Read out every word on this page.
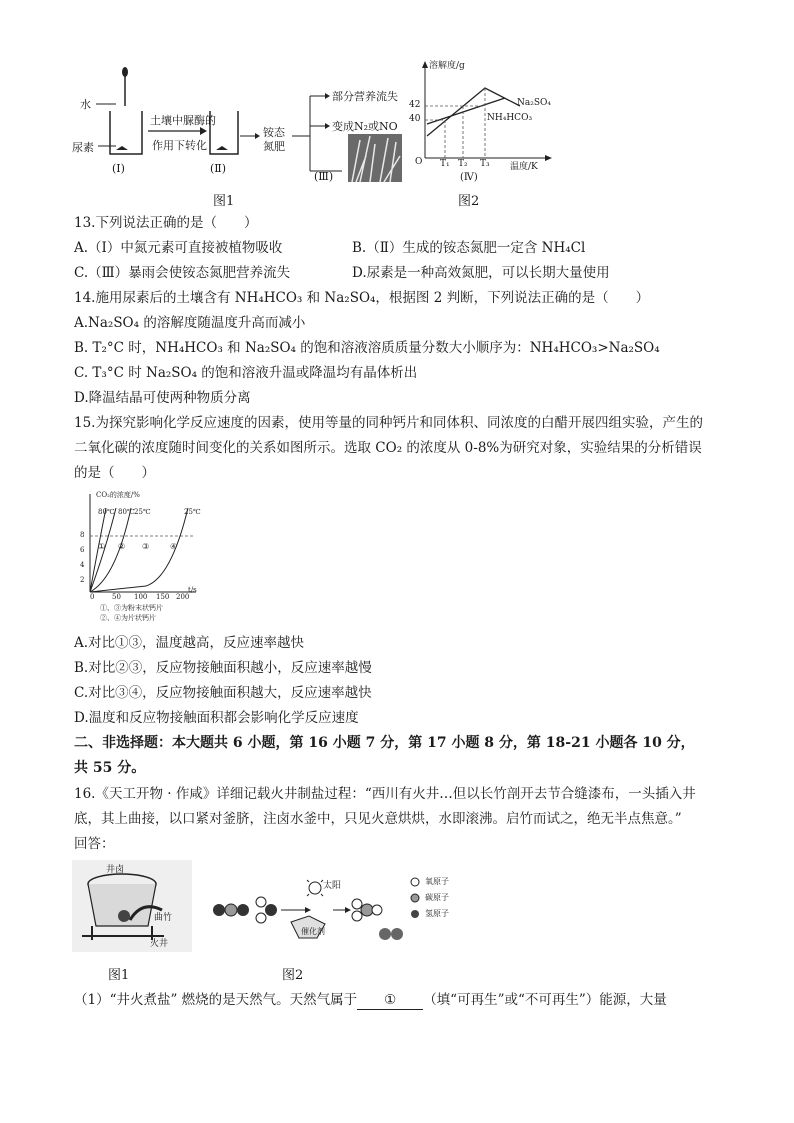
水
尿素
土壤中脲酶的
作用下转化
铵态
氮肥
部分营养流失
变成N₂或NO
(Ⅰ)	(Ⅱ)
(Ⅲ)
图1
溶解度/g
42
40
O T₁ T₂ T₃ 温度/K
Na₂SO₄
NH₄HCO₃
(Ⅳ)
图2
13.下列说法正确的是（　　）
A.（Ⅰ）中氮元素可直接被植物吸收	B.（Ⅱ）生成的铵态氮肥一定含 NH₄Cl
C.（Ⅲ）暴雨会使铵态氮肥营养流失	D.尿素是一种高效氮肥，可以长期大量使用
14.施用尿素后的土壤含有 NH₄HCO₃ 和 Na₂SO₄，根据图 2 判断，下列说法正确的是（　　）
A.Na₂SO₄ 的溶解度随温度升高而减小
B. T₂°C 时，NH₄HCO₃ 和 Na₂SO₄ 的饱和溶液溶质质量分数大小顺序为：NH₄HCO₃>Na₂SO₄
C. T₃°C 时 Na₂SO₄ 的饱和溶液升温或降温均有晶体析出
D.降温结晶可使两种物质分离
15.为探究影响化学反应速度的因素，使用等量的同种钙片和同体积、同浓度的白醋开展四组实验，产生的
二氧化碳的浓度随时间变化的关系如图所示。选取 CO₂ 的浓度从 0-8%为研究对象，实验结果的分析错误
的是（　　）
CO₂的浓度/%
8
6
4
2
80℃ 80℃ 25℃	25℃
① ② ③	④
0	50 100 150 200
t/s
①、③为粉末状钙片
②、④为片状钙片
A.对比①③，温度越高，反应速率越快
B.对比②③，反应物接触面积越小，反应速率越慢
C.对比③④，反应物接触面积越大，反应速率越快
D.温度和反应物接触面积都会影响化学反应速度
二、非选择题：本大题共 6 小题，第 16 小题 7 分，第 17 小题 8 分，第 18-21 小题各 10 分，
共 55 分。
16.《天工开物 · 作咸》详细记载火井制盐过程：“西川有火井…但以长竹剖开去节合缝漆布，一头插入井
底，其上曲接，以口紧对釜脐，注卤水釜中，只见火意烘烘，水即滚沸。启竹而试之，绝无半点焦意。”
回答：
井卤
曲竹
火井
太阳
催化剂
氧原子
碳原子
氢原子
图1	图2
（1）“井火煮盐” 燃烧的是天然气。天然气属于 ① （填“可再生”或“不可再生”）能源，大量
